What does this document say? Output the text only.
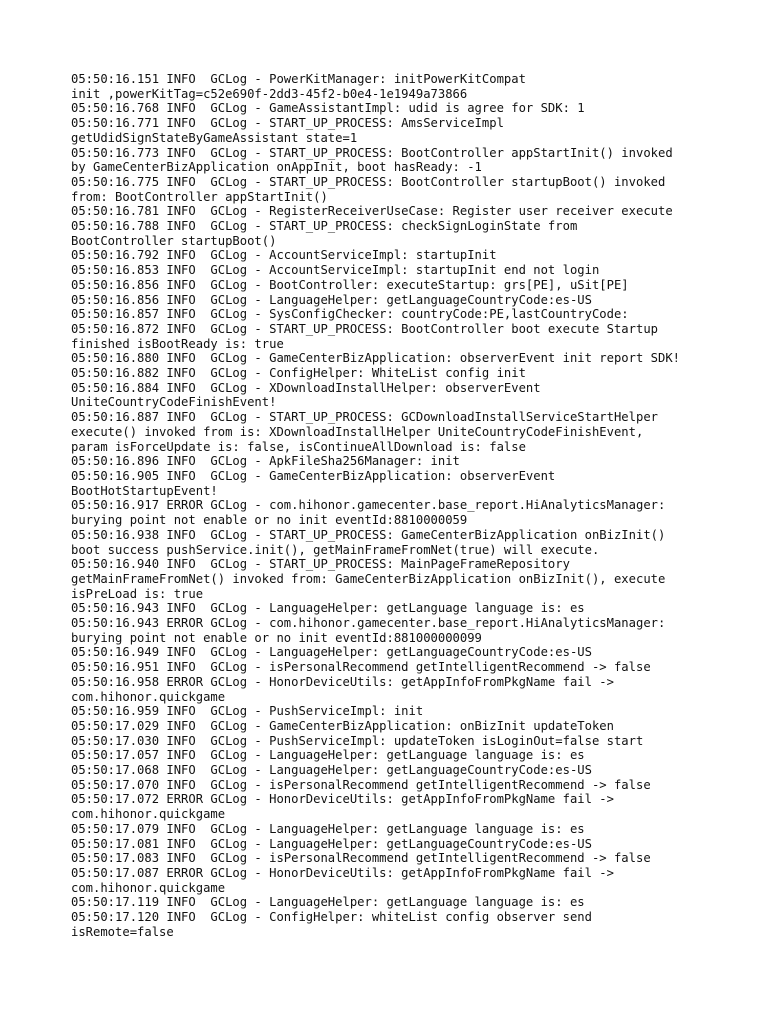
05:50:16.151 INFO  GCLog - PowerKitManager: initPowerKitCompat
init ,powerKitTag=c52e690f-2dd3-45f2-b0e4-1e1949a73866
05:50:16.768 INFO  GCLog - GameAssistantImpl: udid is agree for SDK: 1
05:50:16.771 INFO  GCLog - START_UP_PROCESS: AmsServiceImpl
getUdidSignStateByGameAssistant state=1
05:50:16.773 INFO  GCLog - START_UP_PROCESS: BootController appStartInit() invoked
by GameCenterBizApplication onAppInit, boot hasReady: -1
05:50:16.775 INFO  GCLog - START_UP_PROCESS: BootController startupBoot() invoked
from: BootController appStartInit()
05:50:16.781 INFO  GCLog - RegisterReceiverUseCase: Register user receiver execute
05:50:16.788 INFO  GCLog - START_UP_PROCESS: checkSignLoginState from
BootController startupBoot()
05:50:16.792 INFO  GCLog - AccountServiceImpl: startupInit
05:50:16.853 INFO  GCLog - AccountServiceImpl: startupInit end not login
05:50:16.856 INFO  GCLog - BootController: executeStartup: grs[PE], uSit[PE]
05:50:16.856 INFO  GCLog - LanguageHelper: getLanguageCountryCode:es-US
05:50:16.857 INFO  GCLog - SysConfigChecker: countryCode:PE,lastCountryCode:
05:50:16.872 INFO  GCLog - START_UP_PROCESS: BootController boot execute Startup
finished isBootReady is: true
05:50:16.880 INFO  GCLog - GameCenterBizApplication: observerEvent init report SDK!
05:50:16.882 INFO  GCLog - ConfigHelper: WhiteList config init
05:50:16.884 INFO  GCLog - XDownloadInstallHelper: observerEvent
UniteCountryCodeFinishEvent!
05:50:16.887 INFO  GCLog - START_UP_PROCESS: GCDownloadInstallServiceStartHelper
execute() invoked from is: XDownloadInstallHelper UniteCountryCodeFinishEvent,
param isForceUpdate is: false, isContinueAllDownload is: false
05:50:16.896 INFO  GCLog - ApkFileSha256Manager: init
05:50:16.905 INFO  GCLog - GameCenterBizApplication: observerEvent
BootHotStartupEvent!
05:50:16.917 ERROR GCLog - com.hihonor.gamecenter.base_report.HiAnalyticsManager:
burying point not enable or no init eventId:8810000059
05:50:16.938 INFO  GCLog - START_UP_PROCESS: GameCenterBizApplication onBizInit()
boot success pushService.init(), getMainFrameFromNet(true) will execute.
05:50:16.940 INFO  GCLog - START_UP_PROCESS: MainPageFrameRepository
getMainFrameFromNet() invoked from: GameCenterBizApplication onBizInit(), execute
isPreLoad is: true
05:50:16.943 INFO  GCLog - LanguageHelper: getLanguage language is: es
05:50:16.943 ERROR GCLog - com.hihonor.gamecenter.base_report.HiAnalyticsManager:
burying point not enable or no init eventId:881000000099
05:50:16.949 INFO  GCLog - LanguageHelper: getLanguageCountryCode:es-US
05:50:16.951 INFO  GCLog - isPersonalRecommend getIntelligentRecommend -> false
05:50:16.958 ERROR GCLog - HonorDeviceUtils: getAppInfoFromPkgName fail ->
com.hihonor.quickgame
05:50:16.959 INFO  GCLog - PushServiceImpl: init
05:50:17.029 INFO  GCLog - GameCenterBizApplication: onBizInit updateToken
05:50:17.030 INFO  GCLog - PushServiceImpl: updateToken isLoginOut=false start
05:50:17.057 INFO  GCLog - LanguageHelper: getLanguage language is: es
05:50:17.068 INFO  GCLog - LanguageHelper: getLanguageCountryCode:es-US
05:50:17.070 INFO  GCLog - isPersonalRecommend getIntelligentRecommend -> false
05:50:17.072 ERROR GCLog - HonorDeviceUtils: getAppInfoFromPkgName fail ->
com.hihonor.quickgame
05:50:17.079 INFO  GCLog - LanguageHelper: getLanguage language is: es
05:50:17.081 INFO  GCLog - LanguageHelper: getLanguageCountryCode:es-US
05:50:17.083 INFO  GCLog - isPersonalRecommend getIntelligentRecommend -> false
05:50:17.087 ERROR GCLog - HonorDeviceUtils: getAppInfoFromPkgName fail ->
com.hihonor.quickgame
05:50:17.119 INFO  GCLog - LanguageHelper: getLanguage language is: es
05:50:17.120 INFO  GCLog - ConfigHelper: whiteList config observer send
isRemote=false
